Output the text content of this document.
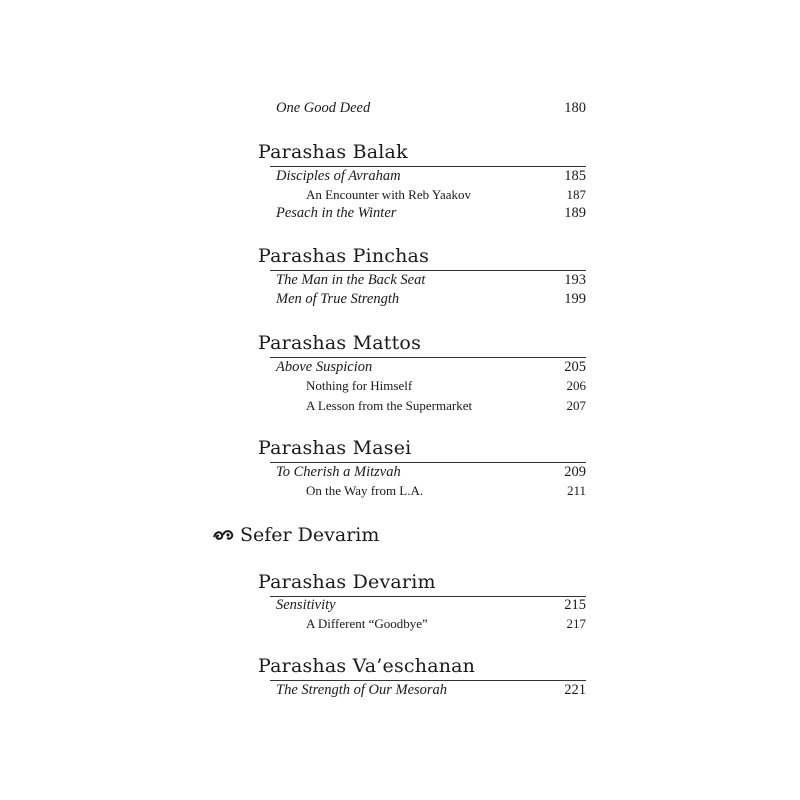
One Good Deed	180
Parashas Balak
Disciples of Avraham	185
An Encounter with Reb Yaakov	187
Pesach in the Winter	189
Parashas Pinchas
The Man in the Back Seat	193
Men of True Strength	199
Parashas Mattos
Above Suspicion	205
Nothing for Himself	206
A Lesson from the Supermarket	207
Parashas Masei
To Cherish a Mitzvah	209
On the Way from L.A.	211
Sefer Devarim
Parashas Devarim
Sensitivity	215
A Different “Goodbye”	217
Parashas Va’eschanan
The Strength of Our Mesorah	221
